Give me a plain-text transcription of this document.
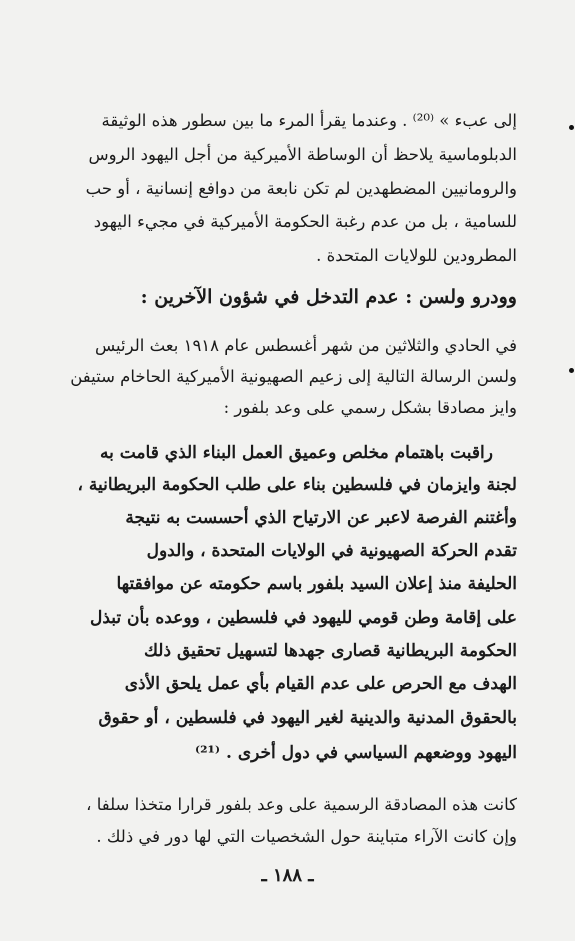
إلى عبء » ⁽²⁰⁾ . وعندما يقرأ المرء ما بين سطور هذه الوثيقة
الدبلوماسية يلاحظ أن الوساطة الأميركية من أجل اليهود الروس
والرومانيين المضطهدين لم تكن نابعة من دوافع إنسانية ، أو حب
للسامية ، بل من عدم رغبة الحكومة الأميركية في مجيء اليهود
المطرودين للولايات المتحدة .
وودرو ولسن : عدم التدخل في شؤون الآخرين :
في الحادي والثلاثين من شهر أغسطس عام ١٩١٨ بعث الرئيس
ولسن الرسالة التالية إلى زعيم الصهيونية الأميركية الحاخام ستيفن
وايز مصادقا بشكل رسمي على وعد بلفور :
راقبت باهتمام مخلص وعميق العمل البناء الذي قامت به
لجنة وايزمان في فلسطين بناء على طلب الحكومة البريطانية ،
وأغتنم الفرصة لاعبر عن الارتياح الذي أحسست به نتيجة
تقدم الحركة الصهيونية في الولايات المتحدة ، والدول
الحليفة منذ إعلان السيد بلفور باسم حكومته عن موافقتها
على إقامة وطن قومي لليهود في فلسطين ، ووعده بأن تبذل
الحكومة البريطانية قصارى جهدها لتسهيل تحقيق ذلك
الهدف مع الحرص على عدم القيام بأي عمل يلحق الأذى
بالحقوق المدنية والدينية لغير اليهود في فلسطين ، أو حقوق
اليهود ووضعهم السياسي في دول أخرى . ⁽²¹⁾
كانت هذه المصادقة الرسمية على وعد بلفور قرارا متخذا سلفا ،
وإن كانت الآراء متباينة حول الشخصيات التي لها دور في ذلك .
ـ ١٨٨ ـ
